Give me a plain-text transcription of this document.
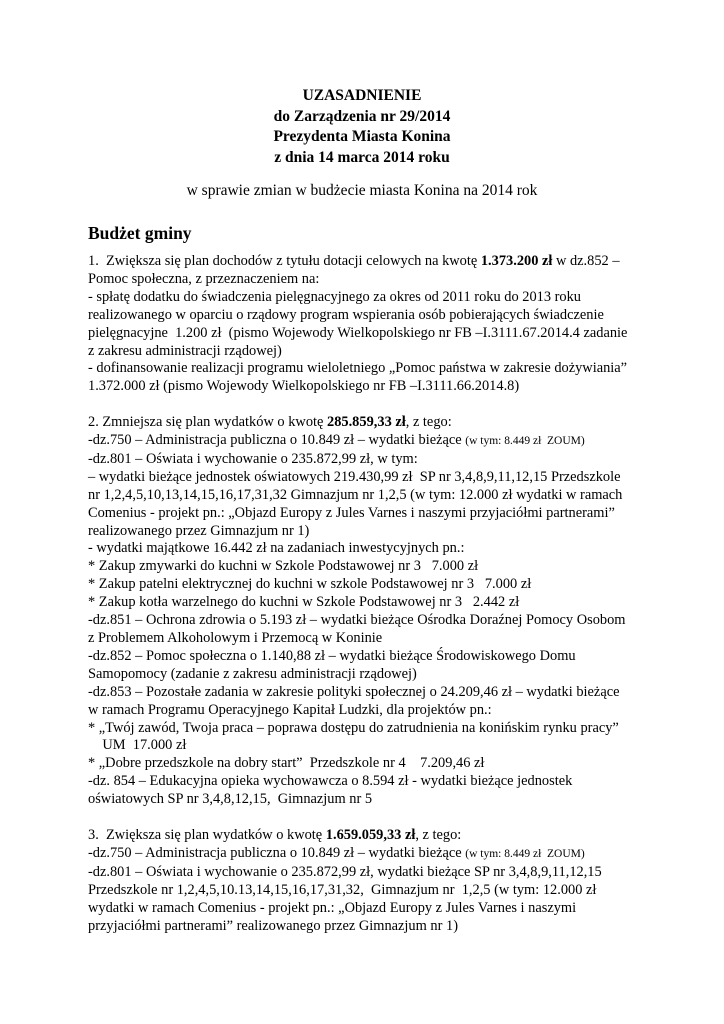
UZASADNIENIE
do Zarządzenia nr 29/2014
Prezydenta Miasta Konina
z dnia 14 marca 2014 roku
w sprawie zmian w budżecie miasta Konina na 2014 rok
Budżet gminy
1.  Zwiększa się plan dochodów z tytułu dotacji celowych na kwotę 1.373.200 zł w dz.852 –
Pomoc społeczna, z przeznaczeniem na:
- spłatę dodatku do świadczenia pielęgnacyjnego za okres od 2011 roku do 2013 roku
realizowanego w oparciu o rządowy program wspierania osób pobierających świadczenie
pielęgnacyjne  1.200 zł  (pismo Wojewody Wielkopolskiego nr FB –I.3111.67.2014.4 zadanie
z zakresu administracji rządowej)
- dofinansowanie realizacji programu wieloletniego „Pomoc państwa w zakresie dożywiania”
1.372.000 zł (pismo Wojewody Wielkopolskiego nr FB –I.3111.66.2014.8)
2. Zmniejsza się plan wydatków o kwotę 285.859,33 zł, z tego:
-dz.750 – Administracja publiczna o 10.849 zł – wydatki bieżące (w tym: 8.449 zł  ZOUM)
-dz.801 – Oświata i wychowanie o 235.872,99 zł, w tym:
– wydatki bieżące jednostek oświatowych 219.430,99 zł  SP nr 3,4,8,9,11,12,15 Przedszkole
nr 1,2,4,5,10,13,14,15,16,17,31,32 Gimnazjum nr 1,2,5 (w tym: 12.000 zł wydatki w ramach
Comenius - projekt pn.: „Objazd Europy z Jules Varnes i naszymi przyjaciółmi partnerami”
realizowanego przez Gimnazjum nr 1)
- wydatki majątkowe 16.442 zł na zadaniach inwestycyjnych pn.:
* Zakup zmywarki do kuchni w Szkole Podstawowej nr 3   7.000 zł
* Zakup patelni elektrycznej do kuchni w szkole Podstawowej nr 3   7.000 zł
* Zakup kotła warzelnego do kuchni w Szkole Podstawowej nr 3   2.442 zł
-dz.851 – Ochrona zdrowia o 5.193 zł – wydatki bieżące Ośrodka Doraźnej Pomocy Osobom
z Problemem Alkoholowym i Przemocą w Koninie
-dz.852 – Pomoc społeczna o 1.140,88 zł – wydatki bieżące Środowiskowego Domu
Samopomocy (zadanie z zakresu administracji rządowej)
-dz.853 – Pozostałe zadania w zakresie polityki społecznej o 24.209,46 zł – wydatki bieżące
w ramach Programu Operacyjnego Kapitał Ludzki, dla projektów pn.:
* „Twój zawód, Twoja praca – poprawa dostępu do zatrudnienia na konińskim rynku pracy”
UM  17.000 zł
* „Dobre przedszkole na dobry start”  Przedszkole nr 4    7.209,46 zł
-dz. 854 – Edukacyjna opieka wychowawcza o 8.594 zł - wydatki bieżące jednostek
oświatowych SP nr 3,4,8,12,15,  Gimnazjum nr 5
3.  Zwiększa się plan wydatków o kwotę 1.659.059,33 zł, z tego:
-dz.750 – Administracja publiczna o 10.849 zł – wydatki bieżące (w tym: 8.449 zł  ZOUM)
-dz.801 – Oświata i wychowanie o 235.872,99 zł, wydatki bieżące SP nr 3,4,8,9,11,12,15
Przedszkole nr 1,2,4,5,10.13,14,15,16,17,31,32,  Gimnazjum nr  1,2,5 (w tym: 12.000 zł
wydatki w ramach Comenius - projekt pn.: „Objazd Europy z Jules Varnes i naszymi
przyjaciółmi partnerami” realizowanego przez Gimnazjum nr 1)
